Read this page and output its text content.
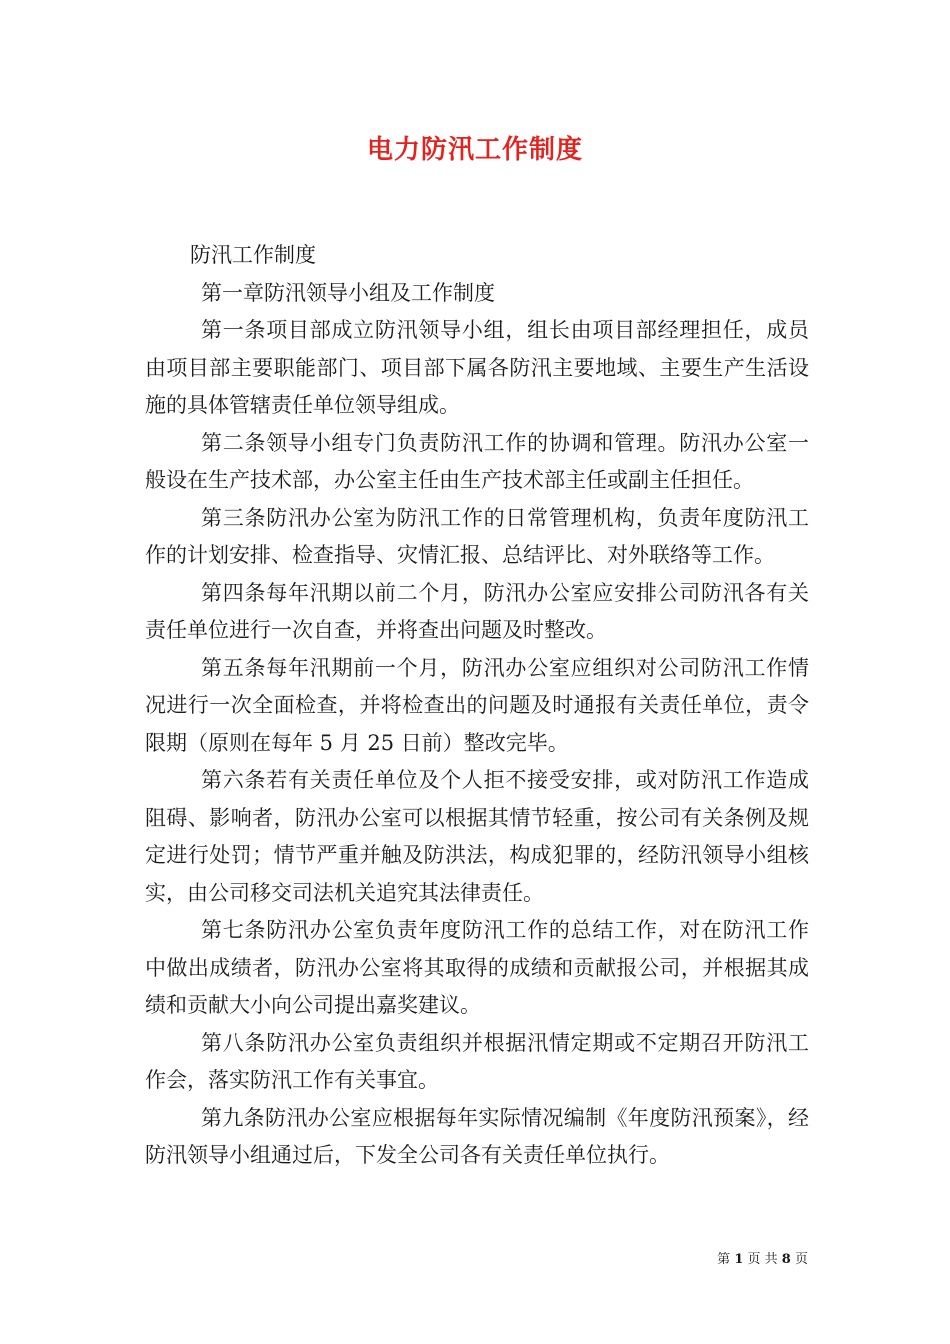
电力防汛工作制度

防汛工作制度

第一章防汛领导小组及工作制度

第一条项目部成立防汛领导小组，组长由项目部经理担任，成员由项目部主要职能部门、项目部下属各防汛主要地域、主要生产生活设施的具体管辖责任单位领导组成。

第二条领导小组专门负责防汛工作的协调和管理。防汛办公室一般设在生产技术部，办公室主任由生产技术部主任或副主任担任。

第三条防汛办公室为防汛工作的日常管理机构，负责年度防汛工作的计划安排、检查指导、灾情汇报、总结评比、对外联络等工作。

第四条每年汛期以前二个月，防汛办公室应安排公司防汛各有关责任单位进行一次自查，并将查出问题及时整改。

第五条每年汛期前一个月，防汛办公室应组织对公司防汛工作情况进行一次全面检查，并将检查出的问题及时通报有关责任单位，责令限期（原则在每年 5 月 25 日前）整改完毕。

第六条若有关责任单位及个人拒不接受安排，或对防汛工作造成阻碍、影响者，防汛办公室可以根据其情节轻重，按公司有关条例及规定进行处罚；情节严重并触及防洪法，构成犯罪的，经防汛领导小组核实，由公司移交司法机关追究其法律责任。

第七条防汛办公室负责年度防汛工作的总结工作，对在防汛工作中做出成绩者，防汛办公室将其取得的成绩和贡献报公司，并根据其成绩和贡献大小向公司提出嘉奖建议。

第八条防汛办公室负责组织并根据汛情定期或不定期召开防汛工作会，落实防汛工作有关事宜。

第九条防汛办公室应根据每年实际情况编制《年度防汛预案》，经防汛领导小组通过后，下发全公司各有关责任单位执行。

第 1 页 共 8 页
